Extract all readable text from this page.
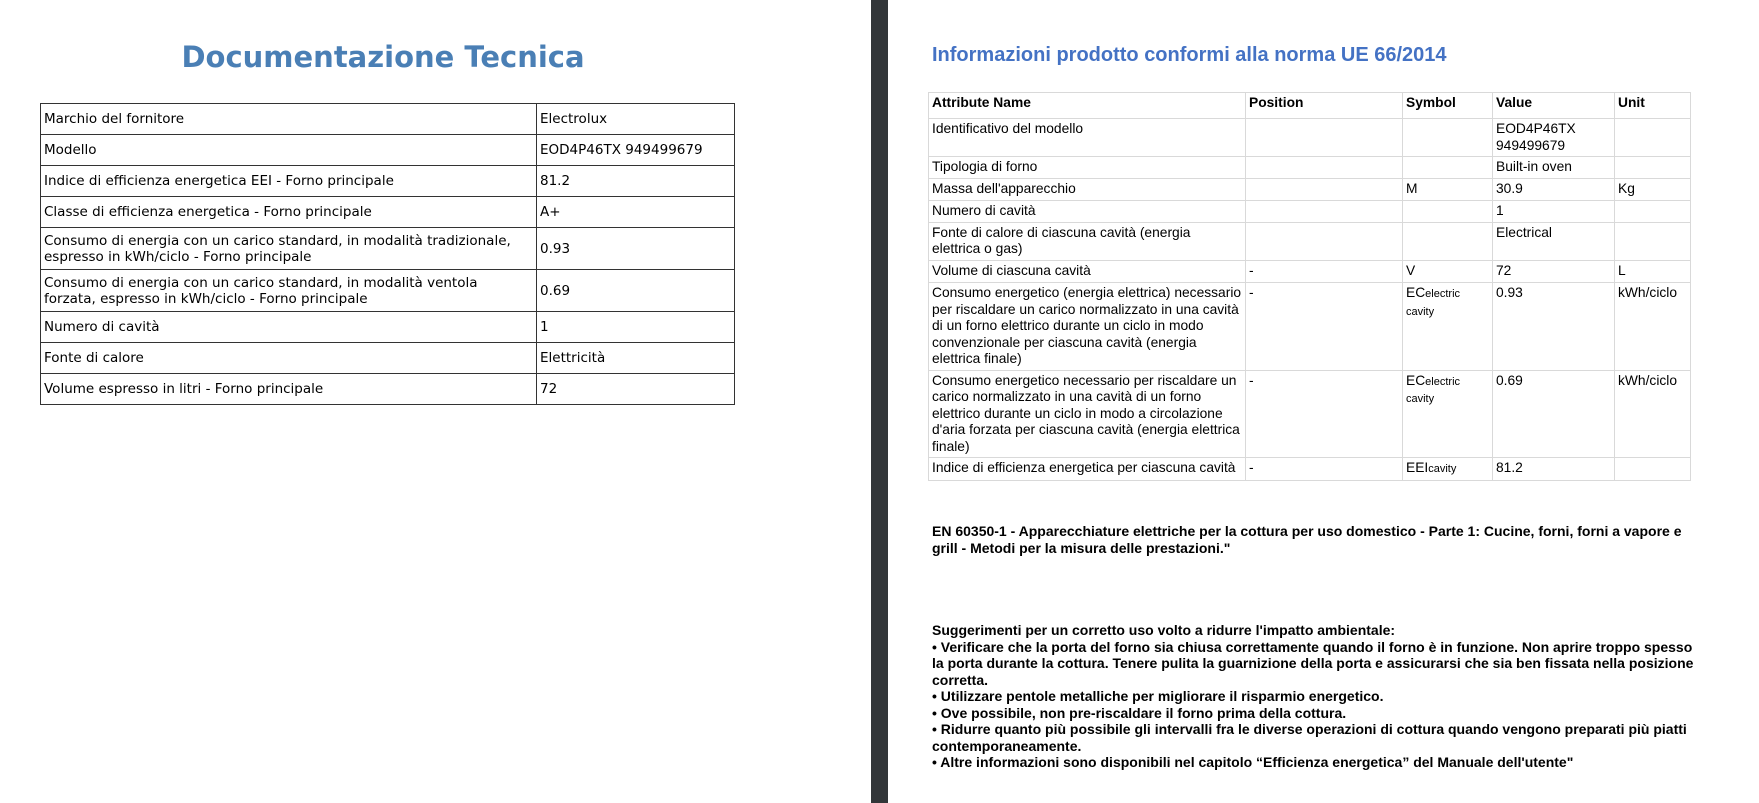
Documentazione Tecnica
Marchio del fornitore	Electrolux
Modello	EOD4P46TX 949499679
Indice di efficienza energetica EEI - Forno principale	81.2
Classe di efficienza energetica - Forno principale	A+
Consumo di energia con un carico standard, in modalità tradizionale, espresso in kWh/ciclo - Forno principale	0.93
Consumo di energia con un carico standard, in modalità ventola forzata, espresso in kWh/ciclo - Forno principale	0.69
Numero di cavità	1
Fonte di calore	Elettricità
Volume espresso in litri - Forno principale	72
Informazioni prodotto conformi alla norma UE 66/2014
Attribute Name	Position	Symbol	Value	Unit
Identificativo del modello			EOD4P46TX 949499679	
Tipologia di forno			Built-in oven	
Massa dell'apparecchio		M	30.9	Kg
Numero di cavità			1	
Fonte di calore di ciascuna cavità (energia elettrica o gas)			Electrical	
Volume di ciascuna cavità	-	V	72	L
Consumo energetico (energia elettrica) necessario per riscaldare un carico normalizzato in una cavità di un forno elettrico durante un ciclo in modo convenzionale per ciascuna cavità (energia elettrica finale)	-	ECelectric cavity	0.93	kWh/ciclo
Consumo energetico necessario per riscaldare un carico normalizzato in una cavità di un forno elettrico durante un ciclo in modo a circolazione d'aria forzata per ciascuna cavità (energia elettrica finale)	-	ECelectric cavity	0.69	kWh/ciclo
Indice di efficienza energetica per ciascuna cavità	-	EEIcavity	81.2	

EN 60350-1 - Apparecchiature elettriche per la cottura per uso domestico - Parte 1: Cucine, forni, forni a vapore e grill - Metodi per la misura delle prestazioni."

Suggerimenti per un corretto uso volto a ridurre l'impatto ambientale:

• Verificare che la porta del forno sia chiusa correttamente quando il forno è in funzione. Non aprire troppo spesso la porta durante la cottura. Tenere pulita la guarnizione della porta e assicurarsi che sia ben fissata nella posizione corretta.

• Utilizzare pentole metalliche per migliorare il risparmio energetico.

• Ove possibile, non pre-riscaldare il forno prima della cottura.

• Ridurre quanto più possibile gli intervalli fra le diverse operazioni di cottura quando vengono preparati più piatti contemporaneamente.

• Altre informazioni sono disponibili nel capitolo “Efficienza energetica” del Manuale dell'utente"
